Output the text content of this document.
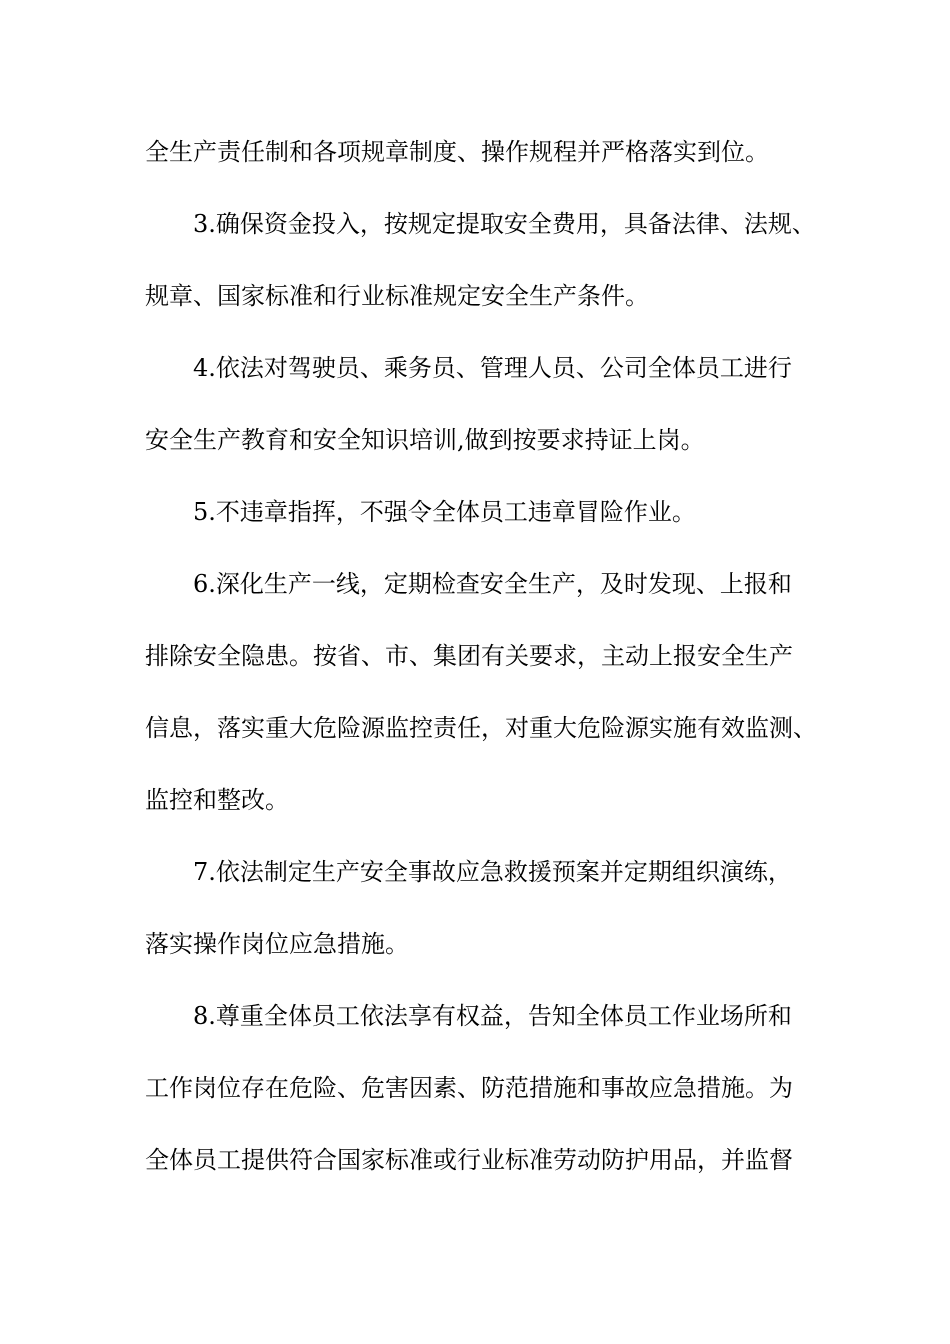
全生产责任制和各项规章制度、操作规程并严格落实到位。
3.确保资金投入，按规定提取安全费用，具备法律、法规、
规章、国家标准和行业标准规定安全生产条件。
4.依法对驾驶员、乘务员、管理人员、公司全体员工进行
安全生产教育和安全知识培训,做到按要求持证上岗。
5.不违章指挥，不强令全体员工违章冒险作业。
6.深化生产一线，定期检查安全生产，及时发现、上报和
排除安全隐患。按省、市、集团有关要求，主动上报安全生产
信息，落实重大危险源监控责任，对重大危险源实施有效监测、
监控和整改。
7.依法制定生产安全事故应急救援预案并定期组织演练，
落实操作岗位应急措施。
8.尊重全体员工依法享有权益，告知全体员工作业场所和
工作岗位存在危险、危害因素、防范措施和事故应急措施。为
全体员工提供符合国家标准或行业标准劳动防护用品，并监督
